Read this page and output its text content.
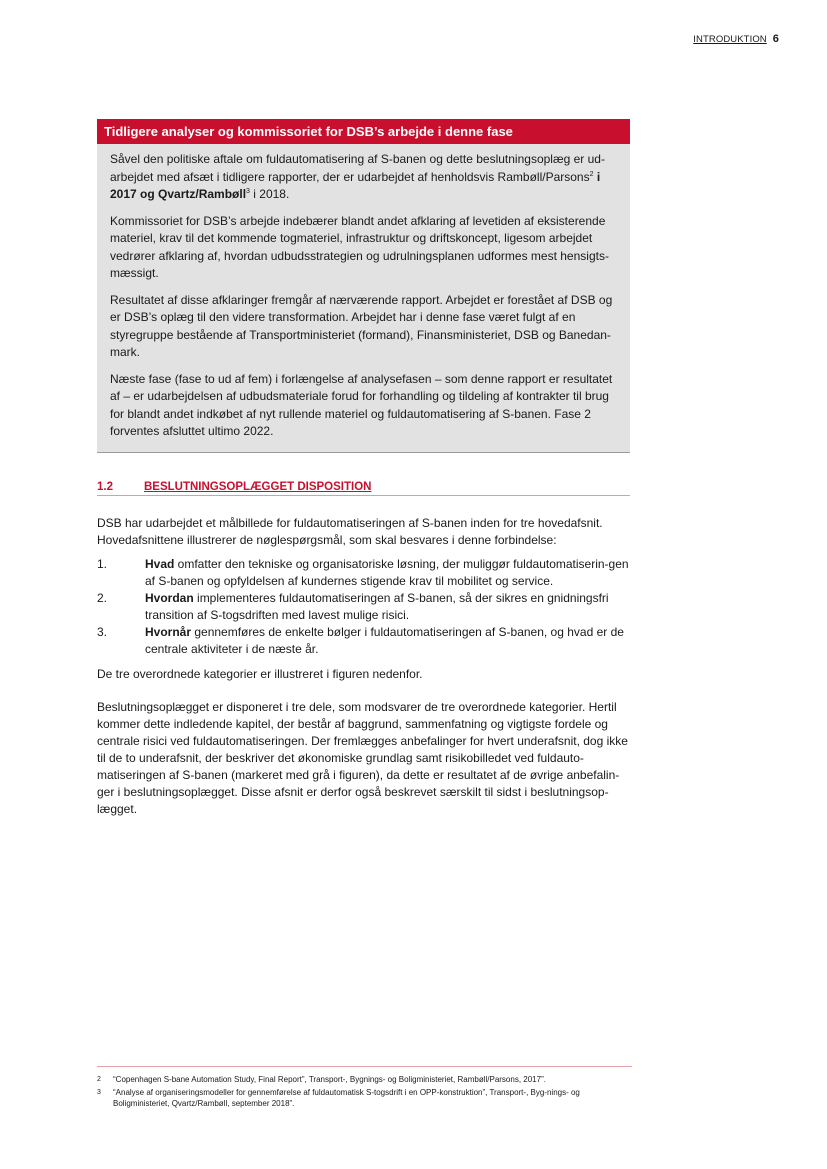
INTRODUKTION 6
Tidligere analyser og kommissoriet for DSB’s arbejde i denne fase

Såvel den politiske aftale om fuldautomatisering af S-banen og dette beslutningsoplæg er ud-arbejdet med afsæt i tidligere rapporter, der er udarbejdet af henholdsvis Rambøll/Parsons$^2$ i 2017 og Qvartz/Rambøll$^3$ i 2018.

Kommissoriet for DSB’s arbejde indebærer blandt andet afklaring af levetiden af eksisterende materiel, krav til det kommende togmateriel, infrastruktur og driftskoncept, ligesom arbejdet vedrører afklaring af, hvordan udbudsstrategien og udrulningsplanen udformes mest hensigts-mæssigt.

Resultatet af disse afklaringer fremgår af nærværende rapport. Arbejdet er forestået af DSB og er DSB’s oplæg til den videre transformation. Arbejdet har i denne fase været fulgt af en styregruppe bestående af Transportministeriet (formand), Finansministeriet, DSB og Banedan-mark.

Næste fase (fase to ud af fem) i forlængelse af analysefasen – som denne rapport er resultatet af – er udarbejdelsen af udbudsmateriale forud for forhandling og tildeling af kontrakter til brug for blandt andet indkøbet af nyt rullende materiel og fuldautomatisering af S-banen. Fase 2 forventes afsluttet ultimo 2022.

1.2	BESLUTNINGSOPLÆGGET DISPOSITION

DSB har udarbejdet et målbillede for fuldautomatiseringen af S-banen inden for tre hovedafsnit. Hovedafsnittene illustrerer de nøglespørgsmål, som skal besvares i denne forbindelse:

1.	Hvad omfatter den tekniske og organisatoriske løsning, der muliggør fuldautomatiserin-gen af S-banen og opfyldelsen af kundernes stigende krav til mobilitet og service.
2.	Hvordan implementeres fuldautomatiseringen af S-banen, så der sikres en gnidningsfri transition af S-togsdriften med lavest mulige risici.
3.	Hvornår gennemføres de enkelte bølger i fuldautomatiseringen af S-banen, og hvad er de centrale aktiviteter i de næste år.

De tre overordnede kategorier er illustreret i figuren nedenfor.

Beslutningsoplægget er disponeret i tre dele, som modsvarer de tre overordnede kategorier. Hertil kommer dette indledende kapitel, der består af baggrund, sammenfatning og vigtigste fordele og centrale risici ved fuldautomatiseringen. Der fremlægges anbefalinger for hvert underafsnit, dog ikke til de to underafsnit, der beskriver det økonomiske grundlag samt risikobilledet ved fuldauto-matiseringen af S-banen (markeret med grå i figuren), da dette er resultatet af de øvrige anbefalin-ger i beslutningsoplægget. Disse afsnit er derfor også beskrevet særskilt til sidst i beslutningsop-lægget.

2 “Copenhagen S-bane Automation Study, Final Report”, Transport-, Bygnings- og Boligministeriet, Rambøll/Parsons, 2017”.
3 “Analyse af organiseringsmodeller for gennemførelse af fuldautomatisk S-togsdrift i en OPP-konstruktion”, Transport-, Byg-nings- og Boligministeriet, Qvartz/Rambøll, september 2018”.
